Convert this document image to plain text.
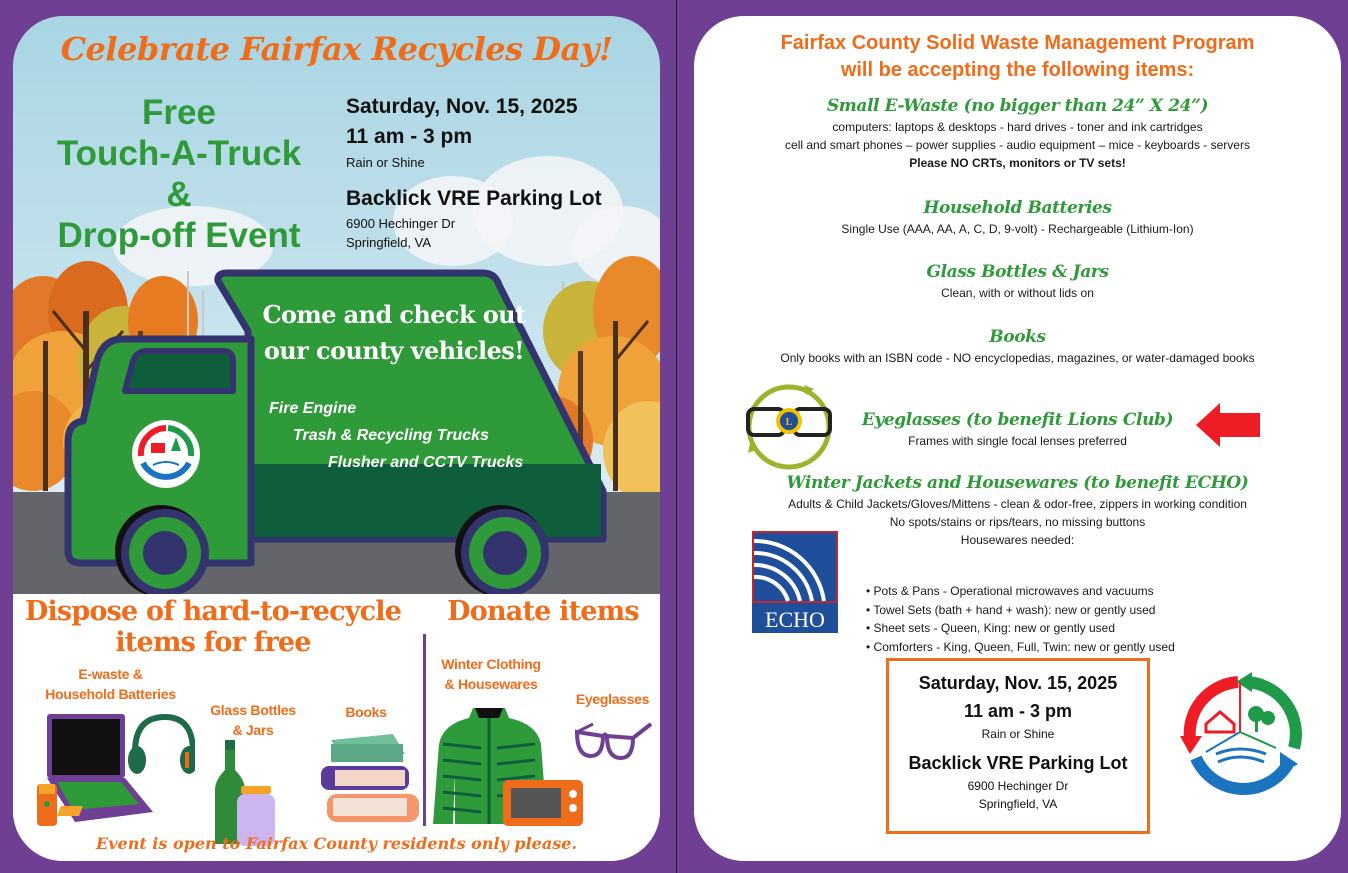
Celebrate Fairfax Recycles Day!
Free
Touch-A-Truck
&
Drop-off Event
Saturday, Nov. 15, 2025
11 am - 3 pm
Rain or Shine
Backlick VRE Parking Lot
6900 Hechinger Dr
Springfield, VA
Come and check out
our county vehicles!
Fire Engine
Trash & Recycling Trucks
Flusher and CCTV Trucks
Dispose of hard-to-recycle
items for free
Donate items
E-waste &
Household Batteries
Glass Bottles
& Jars
Books
Winter Clothing
& Housewares
Eyeglasses
Event is open to Fairfax County residents only please.
Fairfax County Solid Waste Management Program
will be accepting the following items:
Small E-Waste (no bigger than 24” X 24”)
computers: laptops & desktops - hard drives - toner and ink cartridges
cell and smart phones – power supplies - audio equipment – mice - keyboards - servers
Please NO CRTs, monitors or TV sets!
Household Batteries
Single Use (AAA, AA, A, C, D, 9-volt) - Rechargeable (Lithium-Ion)
Glass Bottles & Jars
Clean, with or without lids on
Books
Only books with an ISBN code - NO encyclopedias, magazines, or water-damaged books
L	Eyeglasses (to benefit Lions Club)
Frames with single focal lenses preferred
Winter Jackets and Housewares (to benefit ECHO)
Adults & Child Jackets/Gloves/Mittens - clean & odor-free, zippers in working condition
No spots/stains or rips/tears, no missing buttons
Housewares needed:
• Pots & Pans - Operational microwaves and vacuums
• Towel Sets (bath + hand + wash): new or gently used
• Sheet sets - Queen, King: new or gently used
• Comforters - King, Queen, Full, Twin: new or gently used
ECHO
Saturday, Nov. 15, 2025
11 am - 3 pm
Rain or Shine
Backlick VRE Parking Lot
6900 Hechinger Dr
Springfield, VA
